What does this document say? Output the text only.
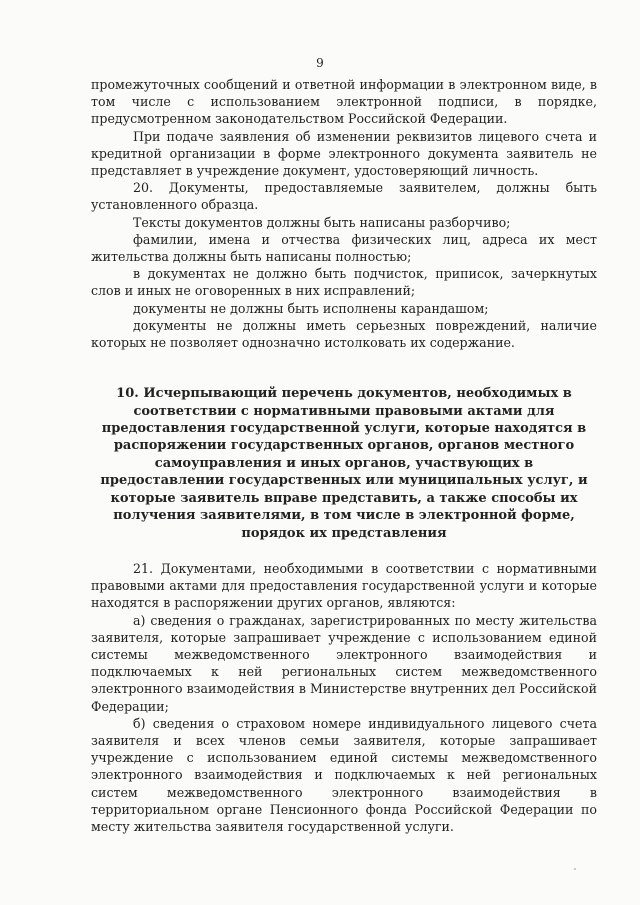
9

промежуточных сообщений и ответной информации в электронном виде, в том числе с использованием электронной подписи, в порядке, предусмотренном законодательством Российской Федерации.

При подаче заявления об изменении реквизитов лицевого счета и кредитной организации в форме электронного документа заявитель не представляет в учреждение документ, удостоверяющий личность.

20. Документы, предоставляемые заявителем, должны быть установленного образца.

Тексты документов должны быть написаны разборчиво;

фамилии, имена и отчества физических лиц, адреса их мест жительства должны быть написаны полностью;

в документах не должно быть подчисток, приписок, зачеркнутых слов и иных не оговоренных в них исправлений;

документы не должны быть исполнены карандашом;

документы не должны иметь серьезных повреждений, наличие которых не позволяет однозначно истолковать их содержание.

10. Исчерпывающий перечень документов, необходимых в соответствии с нормативными правовыми актами для предоставления государственной услуги, которые находятся в распоряжении государственных органов, органов местного самоуправления и иных органов, участвующих в предоставлении государственных или муниципальных услуг, и которые заявитель вправе представить, а также способы их получения заявителями, в том числе в электронной форме, порядок их представления

21. Документами, необходимыми в соответствии с нормативными правовыми актами для предоставления государственной услуги и которые находятся в распоряжении других органов, являются:

а) сведения о гражданах, зарегистрированных по месту жительства заявителя, которые запрашивает учреждение с использованием единой системы межведомственного электронного взаимодействия и подключаемых к ней региональных систем межведомственного электронного взаимодействия в Министерстве внутренних дел Российской Федерации;

б) сведения о страховом номере индивидуального лицевого счета заявителя и всех членов семьи заявителя, которые запрашивает учреждение с использованием единой системы межведомственного электронного взаимодействия и подключаемых к ней региональных систем межведомственного электронного взаимодействия в территориальном органе Пенсионного фонда Российской Федерации по месту жительства заявителя государственной услуги.
